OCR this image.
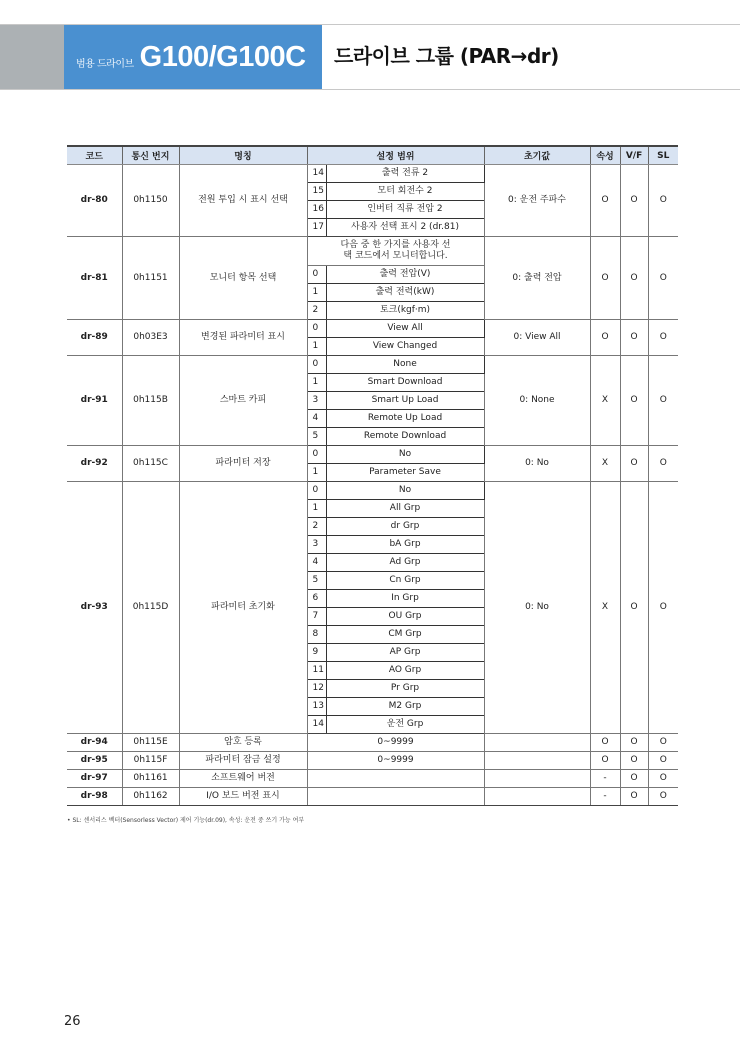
범용 드라이브 G100/G100C 드라이브 그룹 (PAR→dr)
코드	통신 번지	명칭	설정 범위		초기값	속성	V/F	SL
dr-80	0h1150	전원 투입 시 표시 선택	14	출력 전류 2	0: 운전 주파수	O	O	O
			15	모터 회전수 2				
			16	인버터 직류 전압 2				
			17	사용자 선택 표시 2 (dr.81)				
dr-81	0h1151	모니터 항목 선택	다음 중 한 가지를 사용자 선택 코드에서 모니터합니다.		0: 출력 전압	O	O	O
			0	출력 전압(V)				
			1	출력 전력(kW)				
			2	토크(kgf·m)				
dr-89	0h03E3	변경된 파라미터 표시	0	View All	0: View All	O	O	O
			1	View Changed				
dr-91	0h115B	스마트 카피	0	None	0: None	X	O	O
			1	Smart Download				
			3	Smart Up Load				
			4	Remote Up Load				
			5	Remote Download				
dr-92	0h115C	파라미터 저장	0	No	0: No	X	O	O
			1	Parameter Save				
dr-93	0h115D	파라미터 초기화	0	No	0: No	X	O	O
			1	All Grp				
			2	dr Grp				
			3	bA Grp				
			4	Ad Grp				
			5	Cn Grp				
			6	In Grp				
			7	OU Grp				
			8	CM Grp				
			9	AP Grp				
			11	AO Grp				
			12	Pr Grp				
			13	M2 Grp				
			14	운전 Grp				
dr-94	0h115E	암호 등록	0~9999			O	O	O
dr-95	0h115F	파라미터 잠금 설정	0~9999			O	O	O
dr-97	0h1161	소프트웨어 버전				-	O	O
dr-98	0h1162	I/O 보드 버전 표시				-	O	O
• SL: 센서리스 벡터(Sensorless Vector) 제어 기능(dr.09), 속성: 운전 중 쓰기 가능 여부
26
